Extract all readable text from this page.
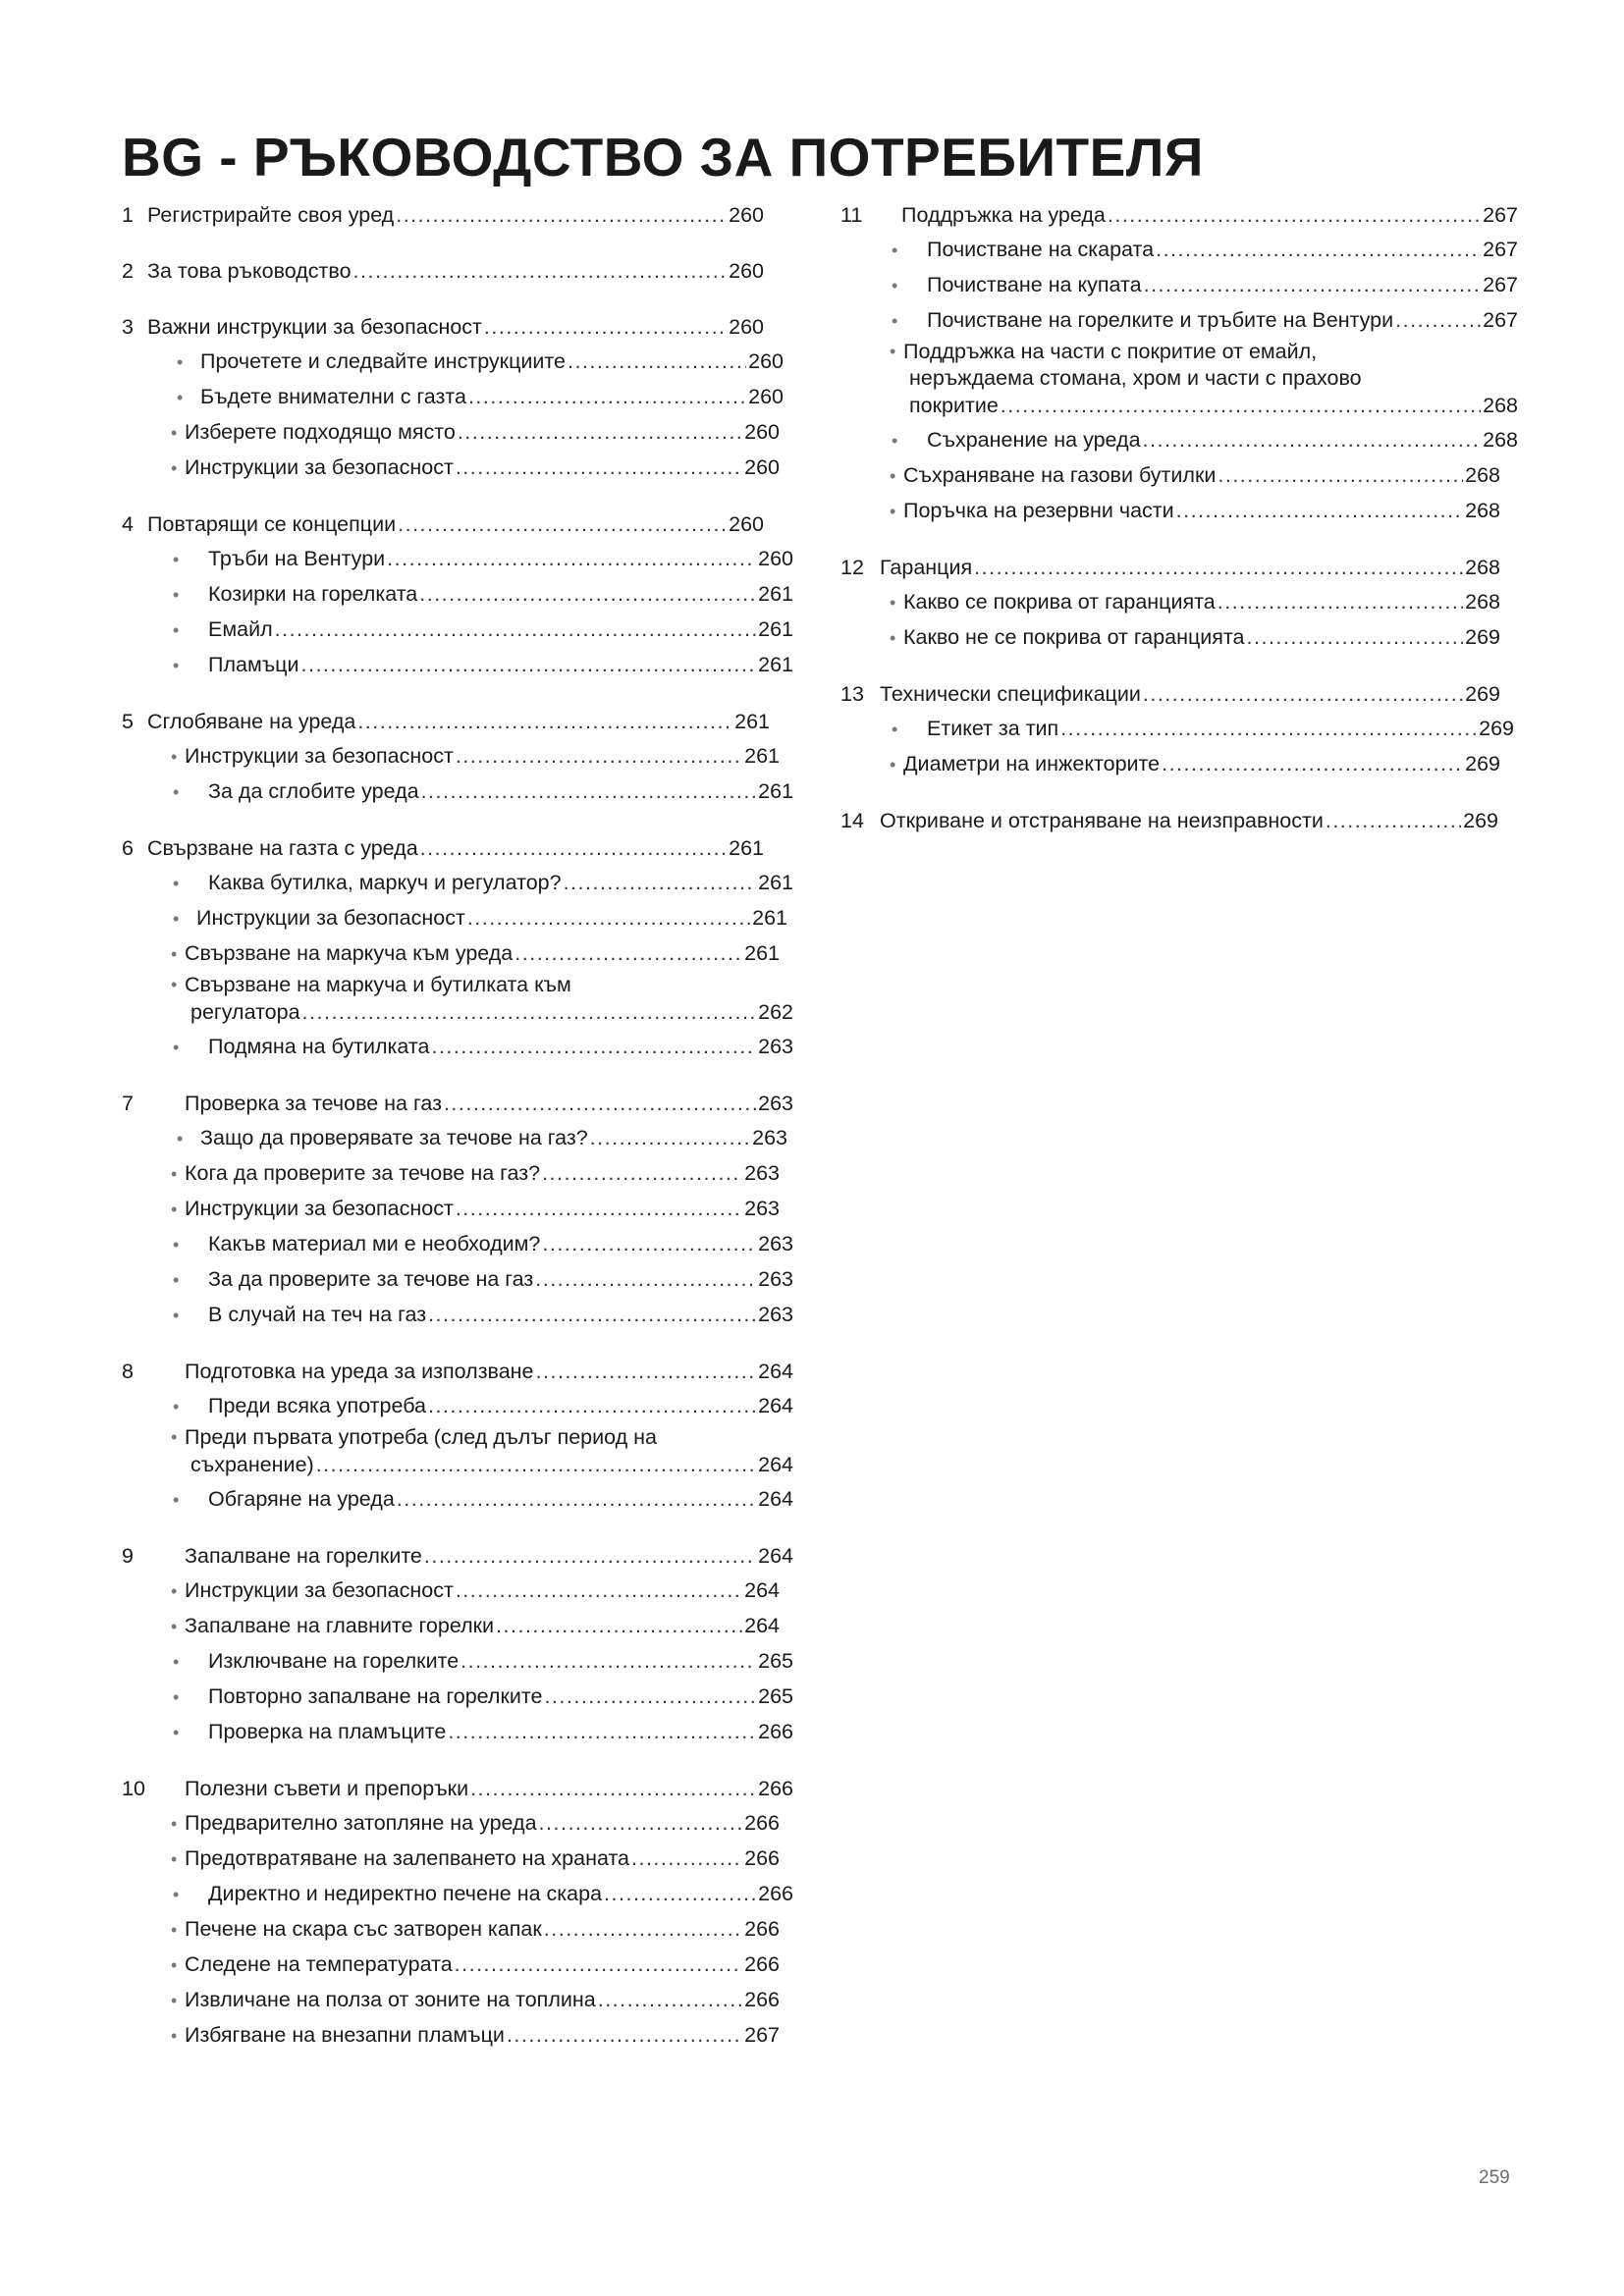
BG - РЪКОВОДСТВО ЗА ПОТРЕБИТЕЛЯ
1 Регистрирайте своя уред .....	260
2 За това ръководство .....	260
3 Важни инструкции за безопасност .....	260
• Прочетете и следвайте инструкциите .....	260
• Бъдете внимателни с газта .....	260
• Изберете подходящо място .....	260
• Инструкции за безопасност .....	260
4 Повтарящи се концепции .....	260
•	Тръби на Вентури .....	260
•	Козирки на горелката .....	261
•	Емайл .....	261
•	Пламъци .....	261
5 Сглобяване на уреда .....	261
• Инструкции за безопасност .....	261
•	За да сглобите уреда .....	261
6 Свързване на газта с уреда .....	261
•	Каква бутилка, маркуч и регулатор? .....	261
• Инструкции за безопасност .....	261
• Свързване на маркуча към уреда .....	261
• Свързване на маркуча и бутилката към
регулатора .....	262
•	Подмяна на бутилката .....	263
7	Проверка за течове на газ .....	263
• Защо да проверявате за течове на газ? .....	263
• Кога да проверите за течове на газ? .....	263
• Инструкции за безопасност .....	263
•	Какъв материал ми е необходим? .....	263
•	За да проверите за течове на газ .....	263
•	В случай на теч на газ .....	263
8	Подготовка на уреда за използване .....	264
•	Преди всяка употреба .....	264
• Преди първата употреба (след дълъг период на
съхранение) .....	264
•	Обгаряне на уреда .....	264
9	Запалване на горелките .....	264
• Инструкции за безопасност .....	264
• Запалване на главните горелки .....	264
•	Изключване на горелките .....	265
•	Повторно запалване на горелките .....	265
•	Проверка на пламъците .....	266
10	Полезни съвети и препоръки .....	266
• Предварително затопляне на уреда .....	266
• Предотвратяване на залепването на храната .....	266
•	Директно и недиректно печене на скара .....	266
• Печене на скара със затворен капак .....	266
• Следене на температурата .....	266
• Извличане на полза от зоните на топлина .....	266
• Избягване на внезапни пламъци .....	267
11	Поддръжка на уреда .....	267
•	Почистване на скарата .....	267
•	Почистване на купата .....	267
•	Почистване на горелките и тръбите на Вентури .....	267
• Поддръжка на части с покритие от емайл,
неръждаема стомана, хром и части с прахово
покритие .....	268
•	Съхранение на уреда .....	268
• Съхраняване на газови бутилки .....	268
• Поръчка на резервни части .....	268
12 Гаранция .....	268
• Какво се покрива от гаранцията .....	268
• Какво не се покрива от гаранцията .....	269
13 Технически спецификации .....	269
•	Етикет за тип .....	269
• Диаметри на инжекторите .....	269
14 Откриване и отстраняване на неизправности .....	269
259
